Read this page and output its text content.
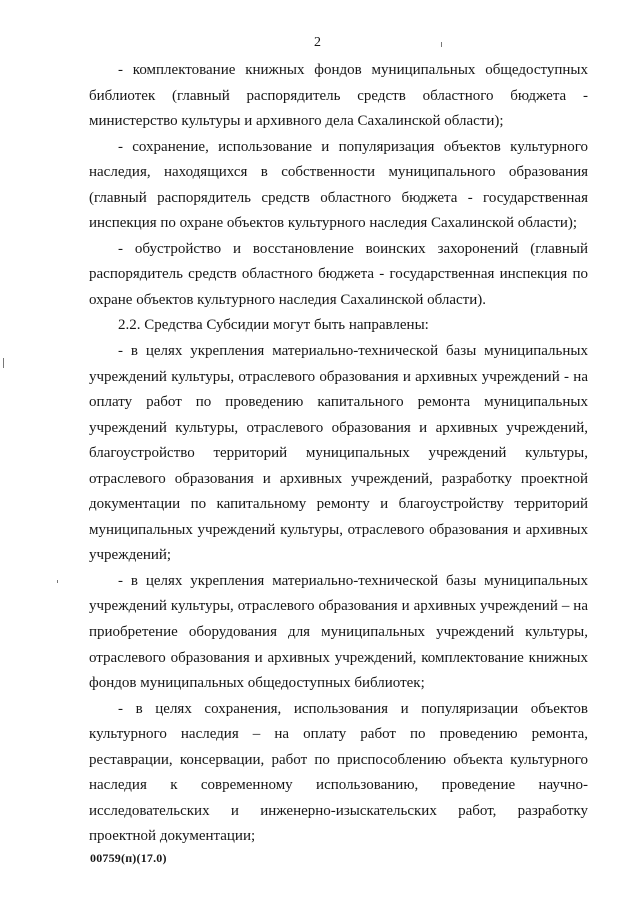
2

- комплектование книжных фондов муниципальных общедоступных библиотек (главный распорядитель средств областного бюджета - министерство культуры и архивного дела Сахалинской области);

- сохранение, использование и популяризация объектов культурного наследия, находящихся в собственности муниципального образования (главный распорядитель средств областного бюджета - государственная инспекция по охране объектов культурного наследия Сахалинской области);

- обустройство и восстановление воинских захоронений (главный распорядитель средств областного бюджета - государственная инспекция по охране объектов культурного наследия Сахалинской области).

2.2. Средства Субсидии могут быть направлены:

- в целях укрепления материально-технической базы муниципальных учреждений культуры, отраслевого образования и архивных учреждений - на оплату работ по проведению капитального ремонта муниципальных учреждений культуры, отраслевого образования и архивных учреждений, благоустройство территорий муниципальных учреждений культуры, отраслевого образования и архивных учреждений, разработку проектной документации по капитальному ремонту и благоустройству территорий муниципальных учреждений культуры, отраслевого образования и архивных учреждений;

- в целях укрепления материально-технической базы муниципальных учреждений культуры, отраслевого образования и архивных учреждений – на приобретение оборудования для муниципальных учреждений культуры, отраслевого образования и архивных учреждений, комплектование книжных фондов муниципальных общедоступных библиотек;

- в целях сохранения, использования и популяризации объектов культурного наследия – на оплату работ по проведению ремонта, реставрации, консервации, работ по приспособлению объекта культурного наследия к современному использованию, проведение научно-исследовательских и инженерно-изыскательских работ, разработку проектной документации;

00759(п)(17.0)
